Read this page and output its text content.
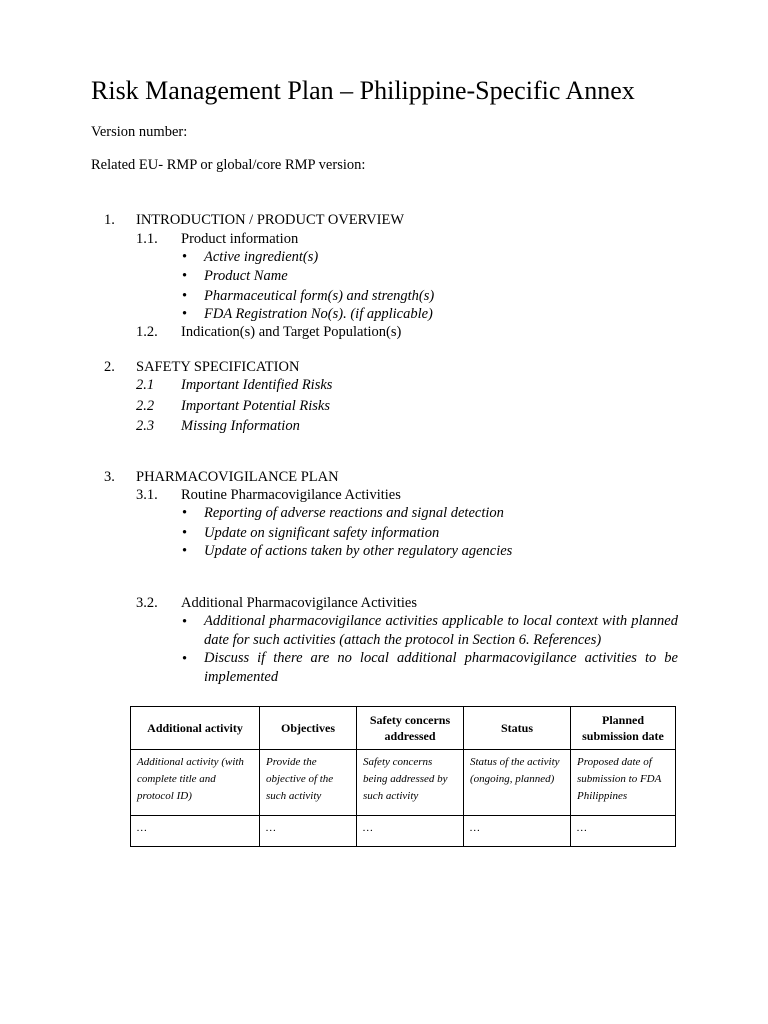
Risk Management Plan – Philippine-Specific Annex
Version number:
Related EU- RMP or global/core RMP version:
1. INTRODUCTION / PRODUCT OVERVIEW
1.1. Product information
• Active ingredient(s)
• Product Name
• Pharmaceutical form(s) and strength(s)
• FDA Registration No(s). (if applicable)
1.2. Indication(s) and Target Population(s)
2. SAFETY SPECIFICATION
2.1 Important Identified Risks
2.2 Important Potential Risks
2.3 Missing Information
3. PHARMACOVIGILANCE PLAN
3.1. Routine Pharmacovigilance Activities
• Reporting of adverse reactions and signal detection
• Update on significant safety information
• Update of actions taken by other regulatory agencies
3.2. Additional Pharmacovigilance Activities
• Additional pharmacovigilance activities applicable to local context with planned date for such activities (attach the protocol in Section 6. References)
• Discuss if there are no local additional pharmacovigilance activities to be implemented
Additional activity	Objectives	Safety concerns addressed	Status	Planned submission date
Additional activity (with complete title and protocol ID)	Provide the objective of the such activity	Safety concerns being addressed by such activity	Status of the activity (ongoing, planned)	Proposed date of submission to FDA Philippines
…	…	…	…	…
